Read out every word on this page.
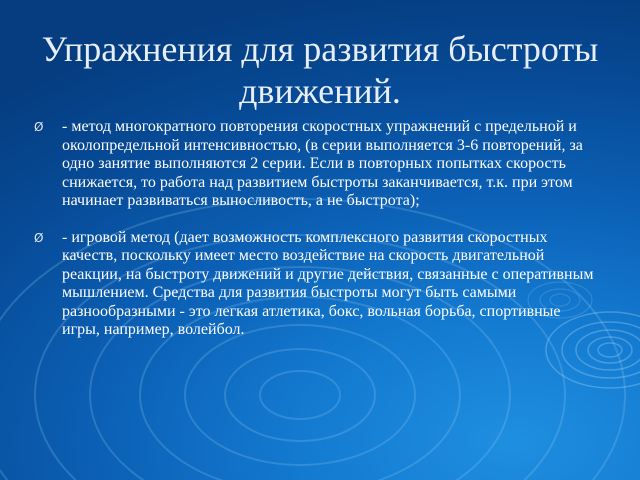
Упражнения для развития быстроты движений.
Ø	- метод многократного повторения скоростных упражнений с предельной и околопредельной интенсивностью, (в серии выполняется 3-6 повторений, за одно занятие выполняются 2 серии. Если в повторных попытках скорость снижается, то работа над развитием быстроты заканчивается, т.к. при этом начинает развиваться выносливость, а не быстрота);
Ø	- игровой метод (дает возможность комплексного развития скоростных качеств, поскольку имеет место воздействие на скорость двигательной реакции, на быстроту движений и другие действия, связанные с оперативным мышлением. Средства для развития быстроты могут быть самыми разнообразными - это легкая атлетика, бокс, вольная борьба, спортивные игры, например, волейбол.
